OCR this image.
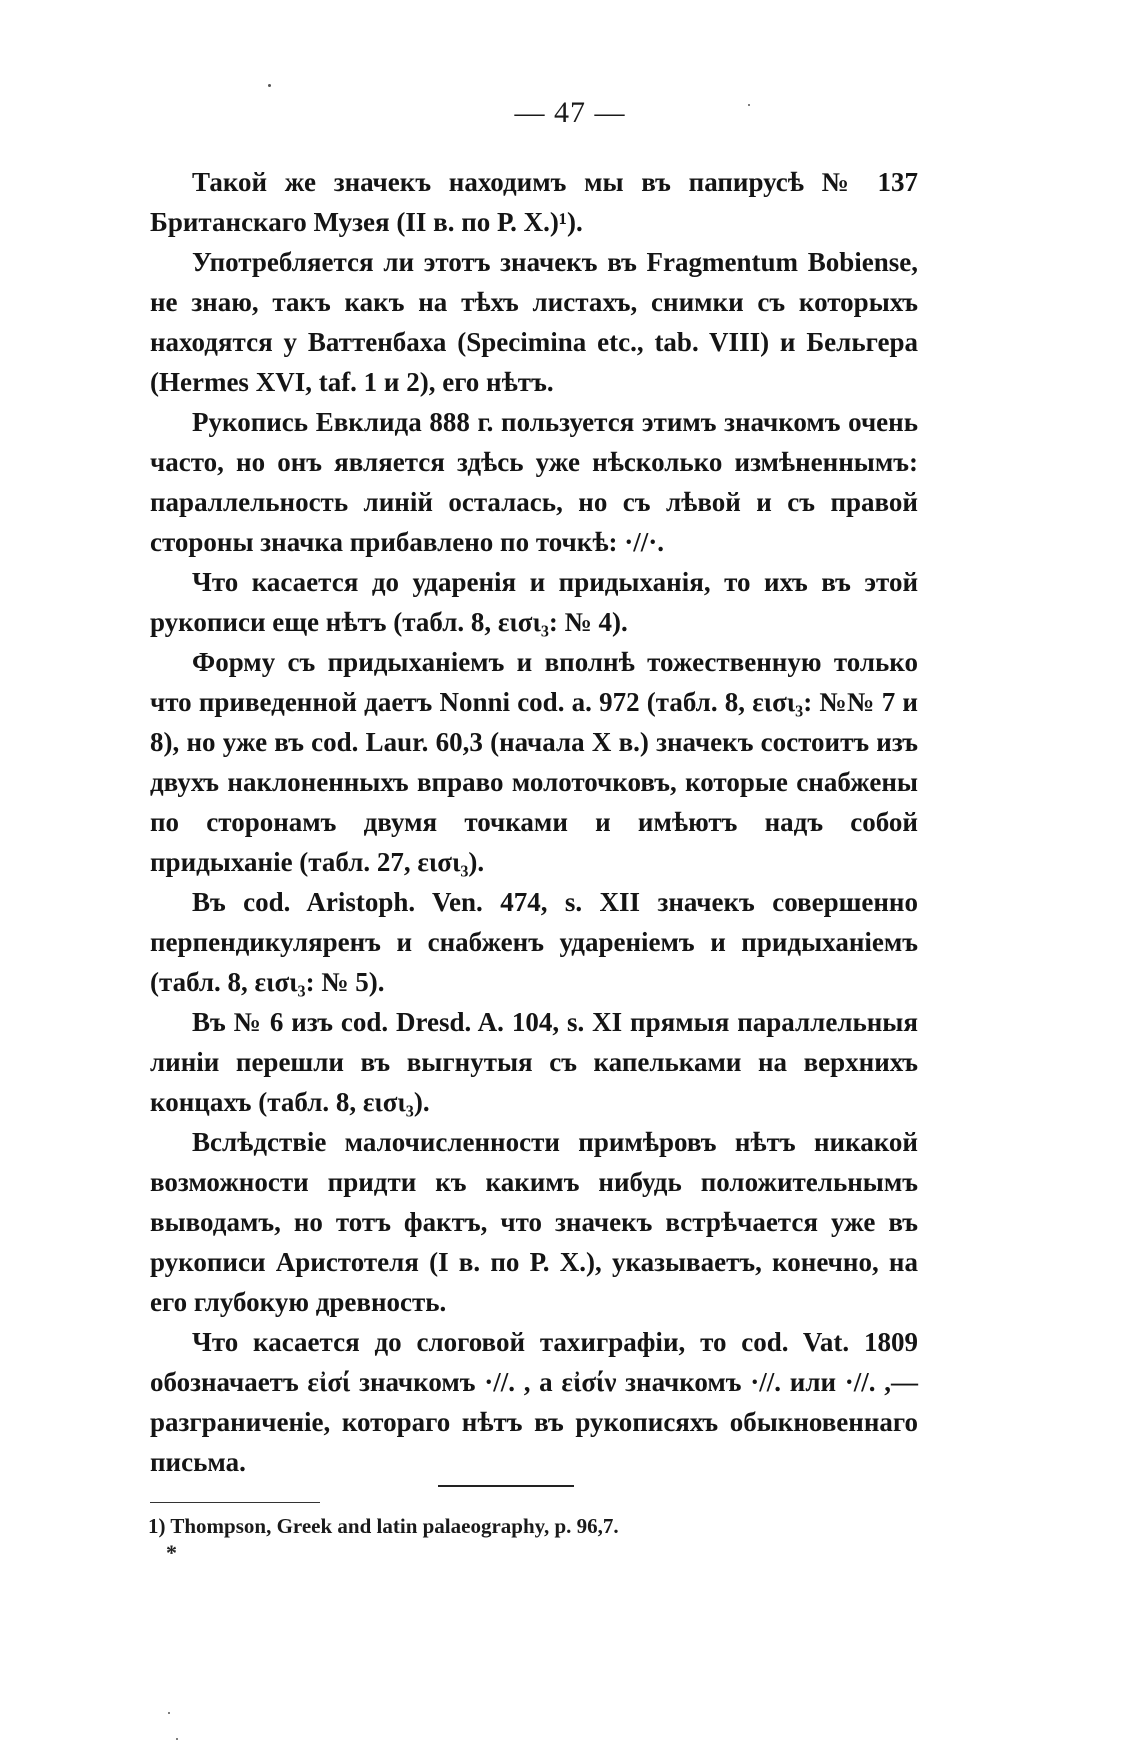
— 47 —

Такой же значекъ находимъ мы въ папирусѣ № 137 Британскаго Музея (II в. по Р. Х.)¹).

Употребляется ли этотъ значекъ въ Fragmentum Bobiense, не знаю, такъ какъ на тѣхъ листахъ, снимки съ которыхъ находятся у Ваттенбаха (Specimina etc., tab. VIII) и Бельгера (Hermes XVI, taf. 1 и 2), его нѣтъ.

Рукопись Евклида 888 г. пользуется этимъ значкомъ очень часто, но онъ является здѣсь уже нѣсколько измѣненнымъ: параллельность линій осталась, но съ лѣвой и съ правой стороны значка прибавлено по точкѣ: ·//·.

Что касается до ударенія и придыханія, то ихъ въ этой рукописи еще нѣтъ (табл. 8, εισι₃: № 4).

Форму съ придыханіемъ и вполнѣ тожественную только что приведенной даетъ Nonni cod. a. 972 (табл. 8, εισι₃: №№ 7 и 8), но уже въ cod. Laur. 60,3 (начала X в.) значекъ состоитъ изъ двухъ наклоненныхъ вправо молоточковъ, которые снабжены по сторонамъ двумя точками и имѣютъ надъ собой придыханіе (табл. 27, εισι₃).

Въ cod. Aristoph. Ven. 474, s. XII значекъ совершенно перпендикуляренъ и снабженъ удареніемъ и придыханіемъ (табл. 8, εισι₃: № 5).

Въ № 6 изъ cod. Dresd. A. 104, s. XI прямыя параллельныя линіи перешли въ выгнутыя съ капельками на верхнихъ концахъ (табл. 8, εισι₃).

Вслѣдствіе малочисленности примѣровъ нѣтъ никакой возможности придти къ какимъ нибудь положительнымъ выводамъ, но тотъ фактъ, что значекъ встрѣчается уже въ рукописи Аристотеля (I в. по Р. Х.), указываетъ, конечно, на его глубокую древность.

Что касается до слоговой тахиграфіи, то cod. Vat. 1809 обозначаетъ εἰσί значкомъ ·//. , а εἰσίν значкомъ ·//. или ·//. ,—разграниченіе, котораго нѣтъ въ рукописяхъ обыкновеннаго письма.

1) Thompson, Greek and latin palaeography, p. 96,7.
*
